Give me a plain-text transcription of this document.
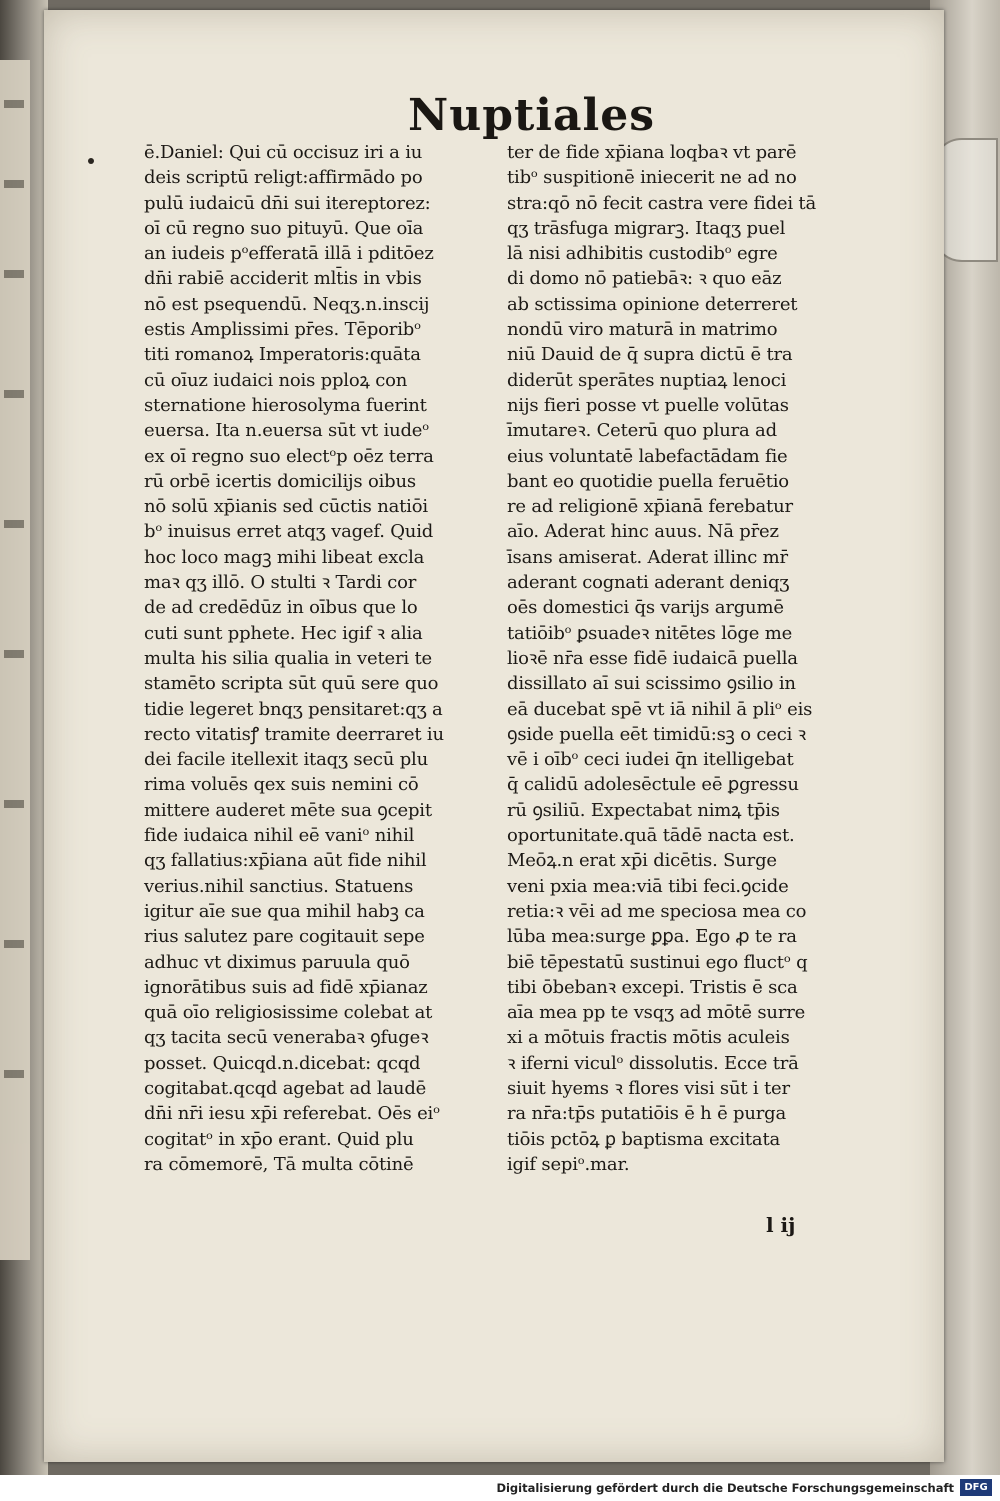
Nuptiales
ē.Daniel: Qui cū occisuz iri a iu
deis scriptū religt:affirmādo po
pulū iudaicū dn̄i sui itereptorez:
oī cū regno suo pituyū. Que oīa
an iudeis pᵒefferatā illā i pditōez
dn̄i rabiē acciderit mlt̄is in vbis
nō est psequendū. Neqʒ.n.inscij
estis Amplissimi pr̄es. Tēporibᵒ
titi romanoꝝ Imperatoris:quāta
cū oīuz iudaici nois pploꝝ con
sternatione hierosolyma fuerint
euersa. Ita n.euersa sūt vt iudeᵒ
ex oī regno suo electᵒp oēz terra
rū orbē icertis domicilijs oibus
nō solū xp̄ianis sed cūctis natiōi
bᵒ inuisus erret atqʒ vagef. Quid
hoc loco magꝫ mihi libeat excla
maꝛ qʒ illō. O stulti ꝛ Tardi cor
de ad credēdūz in oībus que lo
cuti sunt pphete. Hec igif ꝛ alia
multa his silia qualia in veteri te
stamēto scripta sūt quū sere quo
tidie legeret bnqʒ pensitaret:qʒ a
recto vitatisꝭ tramite deerraret iu
dei facile itellexit itaqʒ secū plu
rima voluēs qex suis nemini cō
mittere auderet mēte sua ꝯcepit
fide iudaica nihil eē vaniᵒ nihil
qʒ fallatius:xp̄iana aūt fide nihil
verius.nihil sanctius. Statuens
igitur aīe sue qua mihil habꝫ ca
rius salutez pare cogitauit sepe
adhuc vt diximus paruula quō
ignorātibus suis ad fidē xp̄ianaz
quā oīo religiosissime colebat at
qʒ tacita secū venerabaꝛ ꝯfugeꝛ
posset. Quicqd.n.dicebat: qcqd
cogitabat.qcqd agebat ad laudē
dn̄i nr̄i iesu xp̄i referebat. Oēs eiᵒ
cogitatᵒ in xp̄o erant. Quid plu
ra cōmemorē, Tā multa cōtinē
ter de fide xp̄iana loqbaꝛ vt parē
tibᵒ suspitionē iniecerit ne ad no
stra:qō nō fecit castra vere fidei tā
qʒ trāsfuga migrarꝫ. Itaqʒ puel
lā nisi adhibitis custodibᵒ egre
di domo nō patiebāꝛ: ꝛ quo eāz
ab sctissima opinione deterreret
nondū viro maturā in matrimo
niū Dauid de q̄ supra dictū ē tra
diderūt sperātes nuptiaꝝ lenoci
nijs fieri posse vt puelle volūtas
īmutareꝛ. Ceterū quo plura ad
eius voluntatē labefactādam fie
bant eo quotidie puella feruētio
re ad religionē xp̄ianā ferebatur
aīo. Aderat hinc auus. Nā pr̄ez
īsans amiserat. Aderat illinc mr̄
aderant cognati aderant deniqʒ
oēs domestici q̄s varijs argumē
tatiōibᵒ ꝑsuadeꝛ nitētes lōge me
lioꝛē nr̄a esse fidē iudaicā puella
dissillato aī sui scissimo ꝯsilio in
eā ducebat spē vt iā nihil ā pliᵒ eis
ꝯside puella eēt timidū:sꝫ o ceci ꝛ
vē i oībᵒ ceci iudei q̄n itelligebat
q̄ calidū adolesēctule eē ꝑgressu
rū ꝯsiliū. Expectabat nimꝝ tp̄is
oportunitate.quā tādē nacta est.
Meōꝝ.n erat xp̄i dicētis. Surge
veni pxia mea:viā tibi feci.ꝯcide
retia:ꝛ vēi ad me speciosa mea co
lūba mea:surge ꝑꝑa. Ego ꝓ te ra
biē tēpestatū sustinui ego fluctᵒ q
tibi ōbebanꝛ excepi. Tristis ē sca
aīa mea pp te vsqʒ ad mōtē surre
xi a mōtuis fractis mōtis aculeis
ꝛ iferni viculᵒ dissolutis. Ecce trā
siuit hyems ꝛ flores visi sūt i ter
ra nr̄a:tp̄s putatiōis ē h ē purga
tiōis pctōꝝ ꝑ baptisma excitata
igif sepiᵒ.mar.
l ij
Digitalisierung gefördert durch die Deutsche Forschungsgemeinschaft	DFG
